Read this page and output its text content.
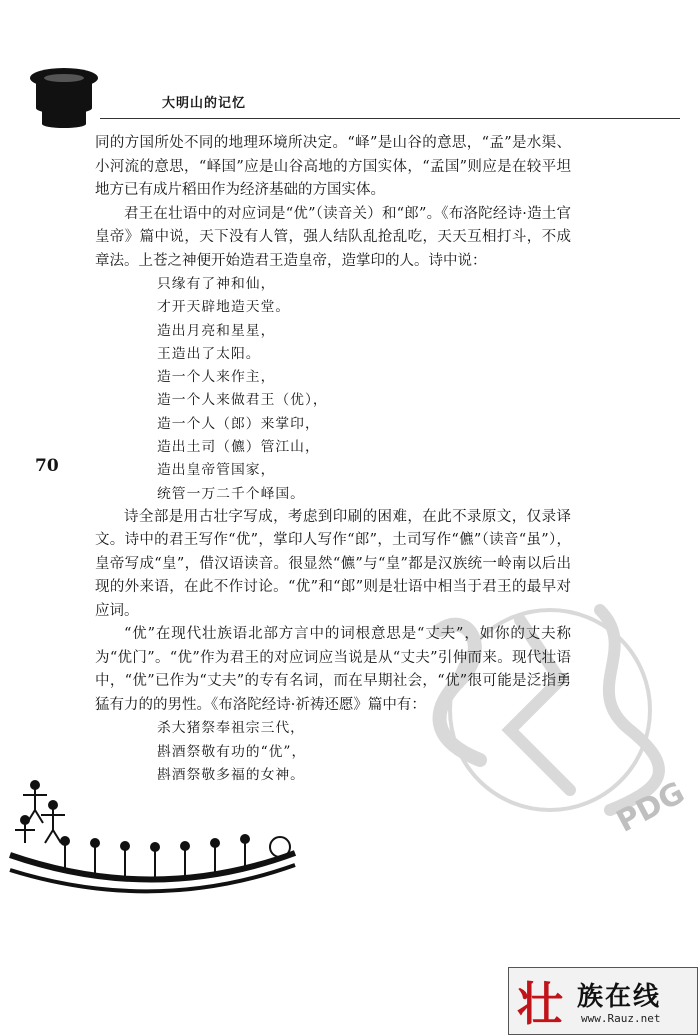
大明山的记忆
70

同的方国所处不同的地理环境所决定。“峄”是山谷的意思，“孟”是水渠、小河流的意思，“峄国”应是山谷高地的方国实体，“孟国”则应是在较平坦地方已有成片稻田作为经济基础的方国实体。

君王在壮语中的对应词是“优”（读音关）和“郎”。《布洛陀经诗·造土官皇帝》篇中说，天下没有人管，强人结队乱抢乱吃，天天互相打斗，不成章法。上苍之神便开始造君王造皇帝，造掌印的人。诗中说：

只缘有了神和仙，
才开天辟地造天堂。
造出月亮和星星，
王造出了太阳。
造一个人来作主，
造一个人来做君王（优），
造一个人（郎）来掌印，
造出土司（儦）管江山，
造出皇帝管国家，
统管一万二千个峄国。

诗全部是用古壮字写成，考虑到印刷的困难，在此不录原文，仅录译文。诗中的君王写作“优”，掌印人写作“郎”，土司写作“儦”（读音“虽”），皇帝写成“皇”，借汉语读音。很显然“儦”与“皇”都是汉族统一岭南以后出现的外来语，在此不作讨论。“优”和“郎”则是壮语中相当于君王的最早对应词。

“优”在现代壮族语北部方言中的词根意思是“丈夫”，如你的丈夫称为“优门”。“优”作为君王的对应词应当说是从“丈夫”引伸而来。现代壮语中，“优”已作为“丈夫”的专有名词，而在早期社会，“优”很可能是泛指勇猛有力的的男性。《布洛陀经诗·祈祷还愿》篇中有：

杀大猪祭奉祖宗三代，
斟酒祭敬有功的“优”，
斟酒祭敬多福的女神。	PDG
壮 族在线
www.Rauz.net
